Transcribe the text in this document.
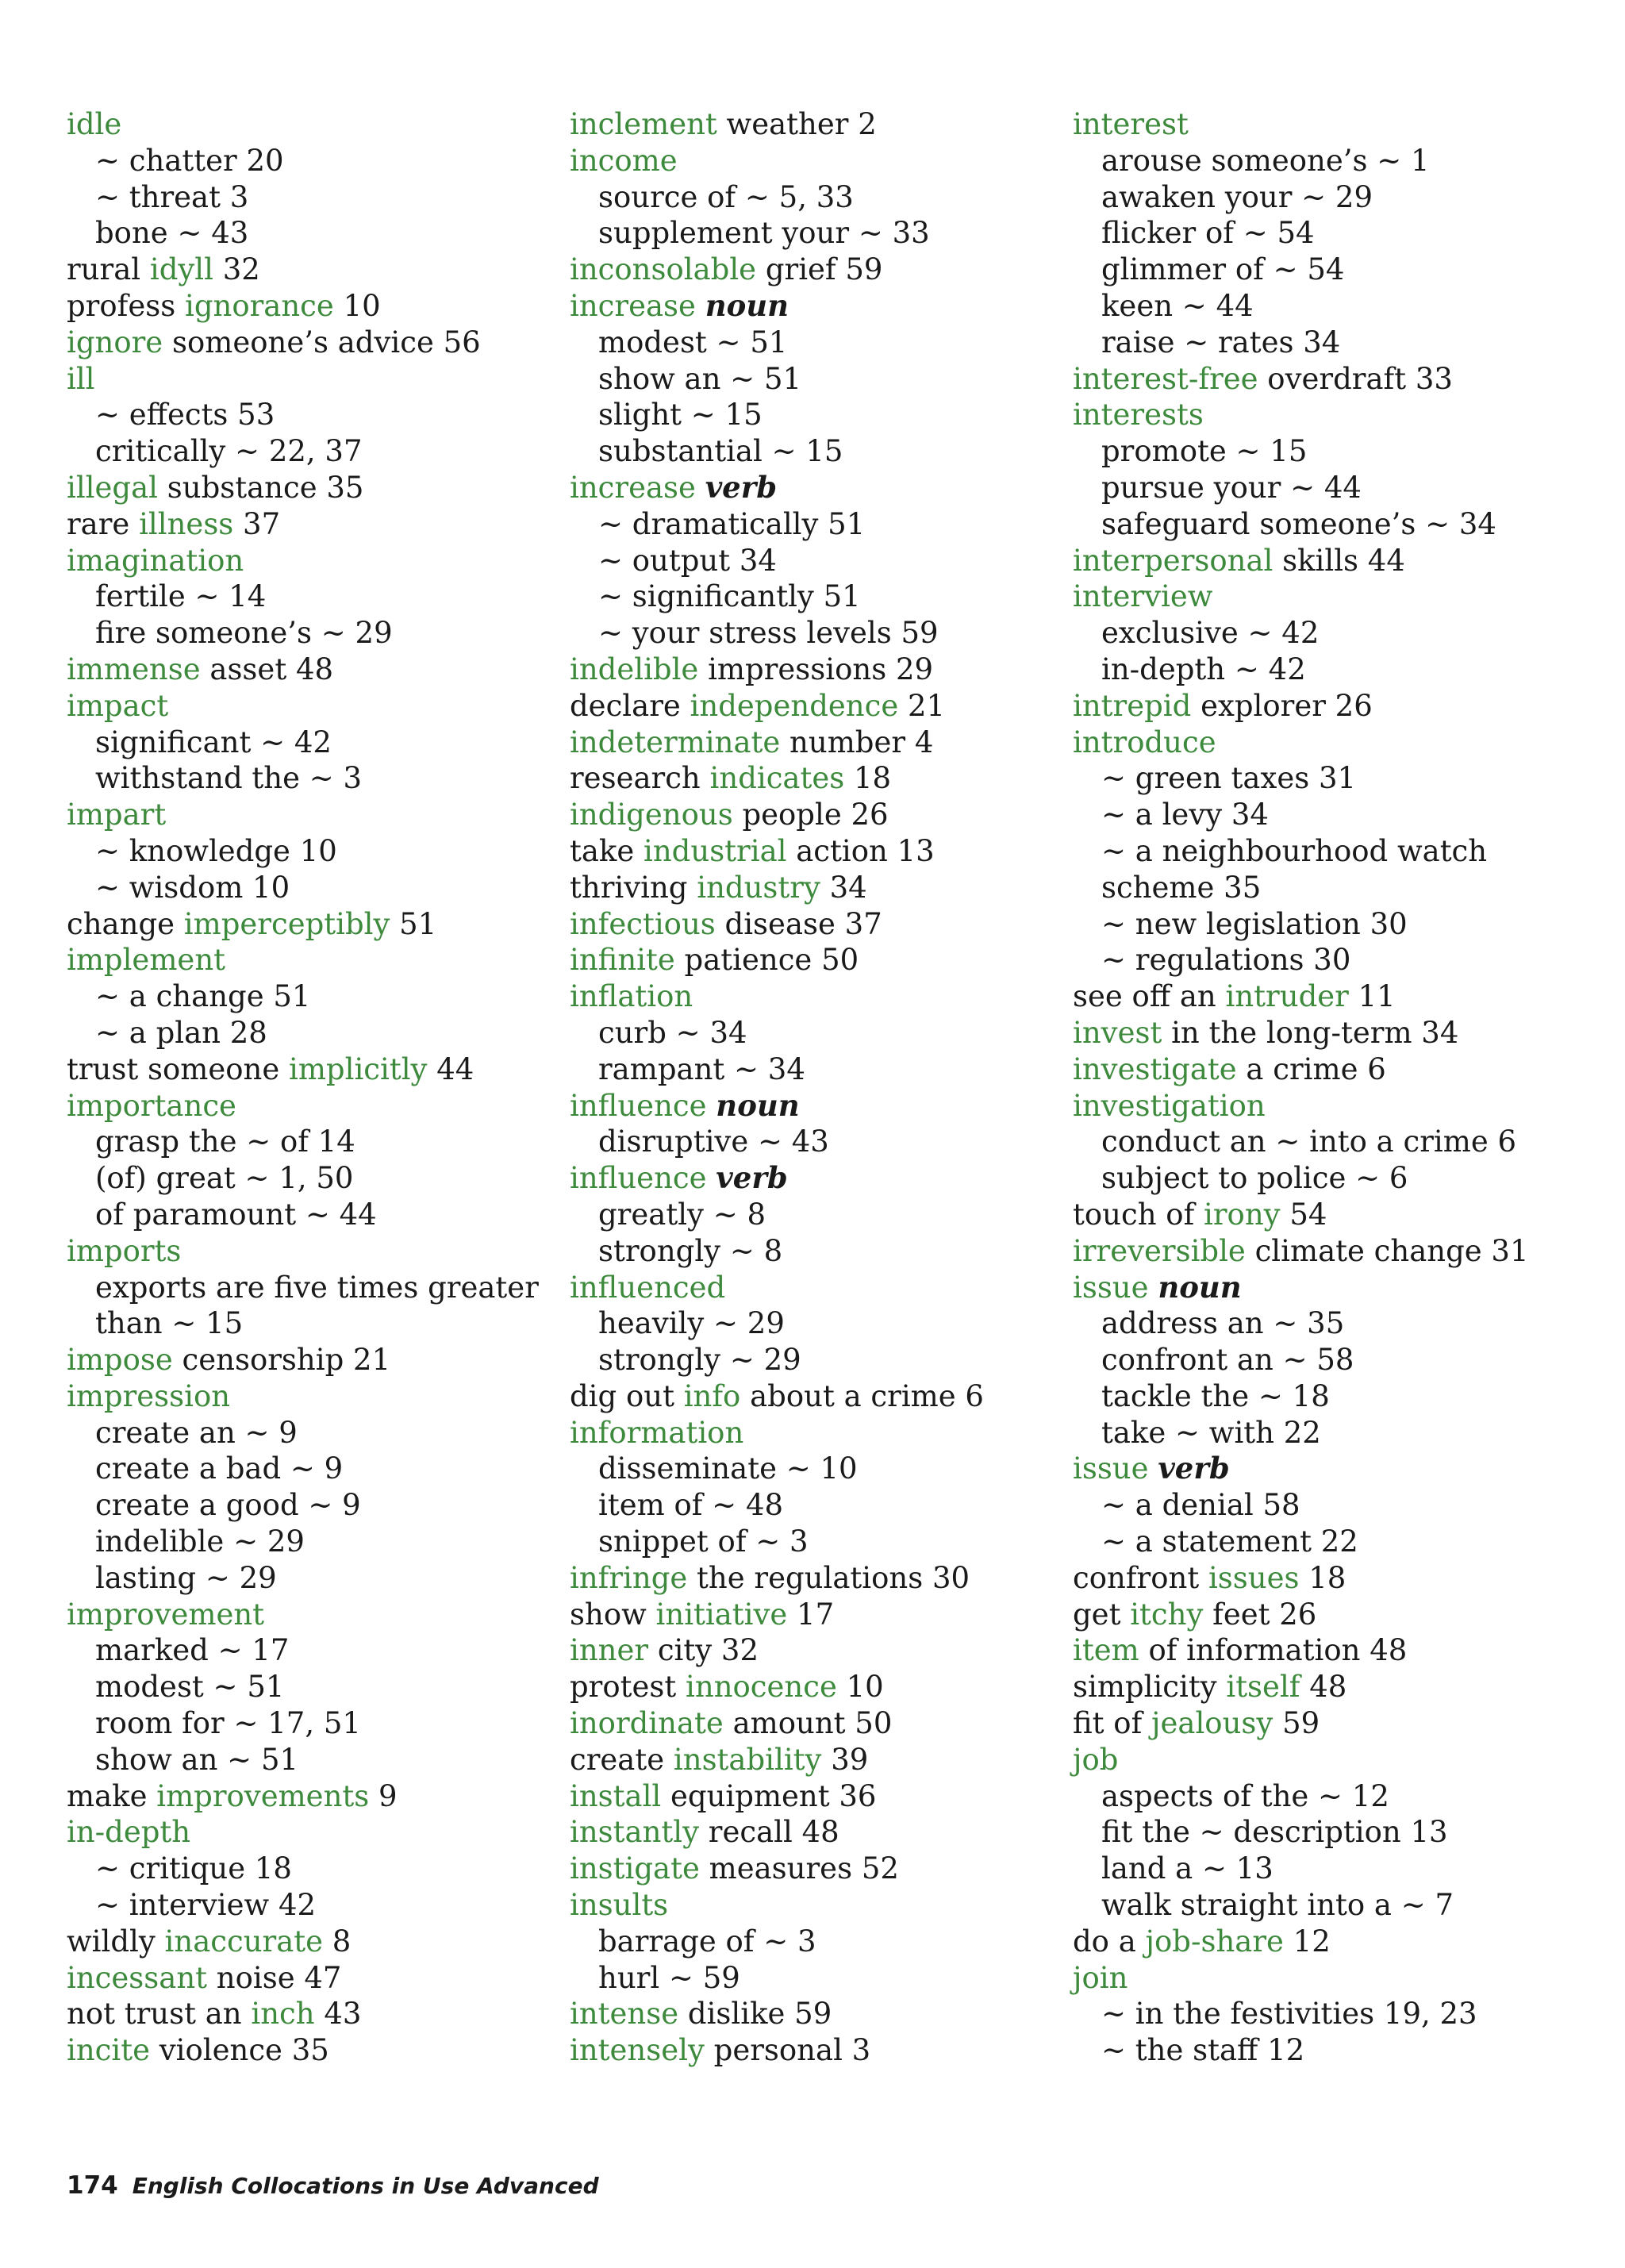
idle
~ chatter 20
~ threat 3
bone ~ 43
rural idyll 32
profess ignorance 10
ignore someone’s advice 56
ill
~ effects 53
critically ~ 22, 37
illegal substance 35
rare illness 37
imagination
fertile ~ 14
fire someone’s ~ 29
immense asset 48
impact
significant ~ 42
withstand the ~ 3
impart
~ knowledge 10
~ wisdom 10
change imperceptibly 51
implement
~ a change 51
~ a plan 28
trust someone implicitly 44
importance
grasp the ~ of 14
(of) great ~ 1, 50
of paramount ~ 44
imports
exports are five times greater
than ~ 15
impose censorship 21
impression
create an ~ 9
create a bad ~ 9
create a good ~ 9
indelible ~ 29
lasting ~ 29
improvement
marked ~ 17
modest ~ 51
room for ~ 17, 51
show an ~ 51
make improvements 9
in-depth
~ critique 18
~ interview 42
wildly inaccurate 8
incessant noise 47
not trust an inch 43
incite violence 35
inclement weather 2
income
source of ~ 5, 33
supplement your ~ 33
inconsolable grief 59
increase noun
modest ~ 51
show an ~ 51
slight ~ 15
substantial ~ 15
increase verb
~ dramatically 51
~ output 34
~ significantly 51
~ your stress levels 59
indelible impressions 29
declare independence 21
indeterminate number 4
research indicates 18
indigenous people 26
take industrial action 13
thriving industry 34
infectious disease 37
infinite patience 50
inflation
curb ~ 34
rampant ~ 34
influence noun
disruptive ~ 43
influence verb
greatly ~ 8
strongly ~ 8
influenced
heavily ~ 29
strongly ~ 29
dig out info about a crime 6
information
disseminate ~ 10
item of ~ 48
snippet of ~ 3
infringe the regulations 30
show initiative 17
inner city 32
protest innocence 10
inordinate amount 50
create instability 39
install equipment 36
instantly recall 48
instigate measures 52
insults
barrage of ~ 3
hurl ~ 59
intense dislike 59
intensely personal 3
interest
arouse someone’s ~ 1
awaken your ~ 29
flicker of ~ 54
glimmer of ~ 54
keen ~ 44
raise ~ rates 34
interest-free overdraft 33
interests
promote ~ 15
pursue your ~ 44
safeguard someone’s ~ 34
interpersonal skills 44
interview
exclusive ~ 42
in-depth ~ 42
intrepid explorer 26
introduce
~ green taxes 31
~ a levy 34
~ a neighbourhood watch
scheme 35
~ new legislation 30
~ regulations 30
see off an intruder 11
invest in the long-term 34
investigate a crime 6
investigation
conduct an ~ into a crime 6
subject to police ~ 6
touch of irony 54
irreversible climate change 31
issue noun
address an ~ 35
confront an ~ 58
tackle the ~ 18
take ~ with 22
issue verb
~ a denial 58
~ a statement 22
confront issues 18
get itchy feet 26
item of information 48
simplicity itself 48
fit of jealousy 59
job
aspects of the ~ 12
fit the ~ description 13
land a ~ 13
walk straight into a ~ 7
do a job-share 12
join
~ in the festivities 19, 23
~ the staff 12
174 English Collocations in Use Advanced
